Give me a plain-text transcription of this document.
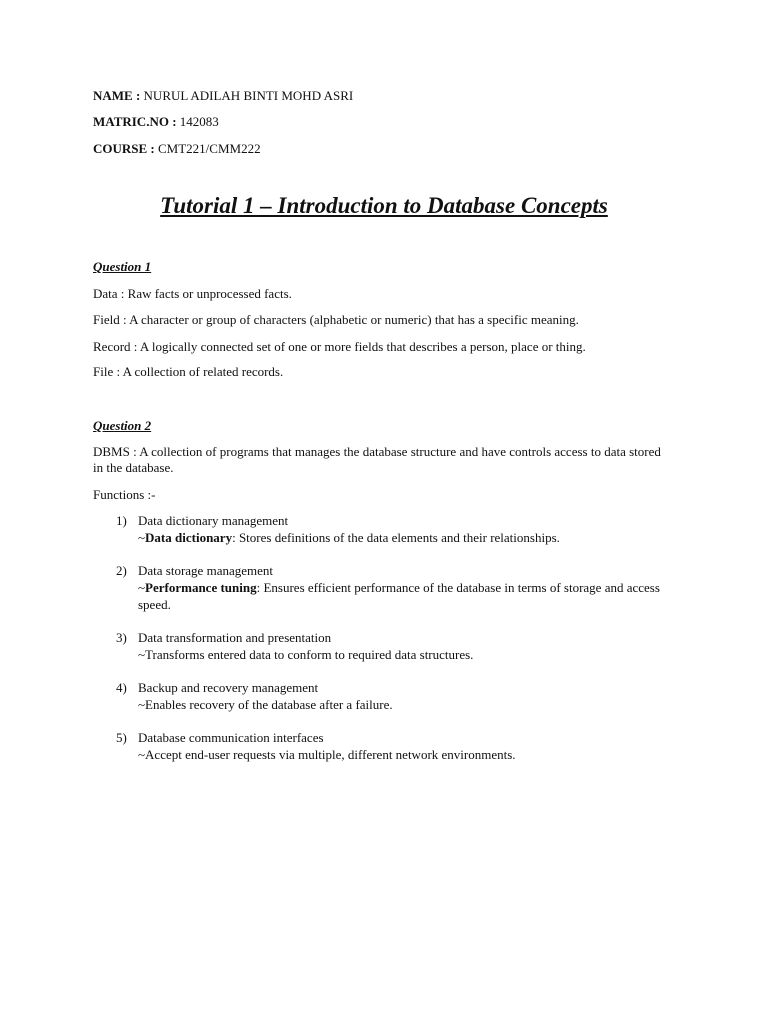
NAME : NURUL ADILAH BINTI MOHD ASRI
MATRIC.NO : 142083
COURSE : CMT221/CMM222
Tutorial 1 – Introduction to Database Concepts
Question 1
Data : Raw facts or unprocessed facts.
Field : A character or group of characters (alphabetic or numeric) that has a specific meaning.
Record : A logically connected set of one or more fields that describes a person, place or thing.
File : A collection of related records.
Question 2
DBMS : A collection of programs that manages the database structure and have controls access to data stored in the database.
Functions :-
1) Data dictionary management
~Data dictionary: Stores definitions of the data elements and their relationships.
2) Data storage management
~Performance tuning: Ensures efficient performance of the database in terms of storage and access speed.
3) Data transformation and presentation
~Transforms entered data to conform to required data structures.
4) Backup and recovery management
~Enables recovery of the database after a failure.
5) Database communication interfaces
~Accept end-user requests via multiple, different network environments.
